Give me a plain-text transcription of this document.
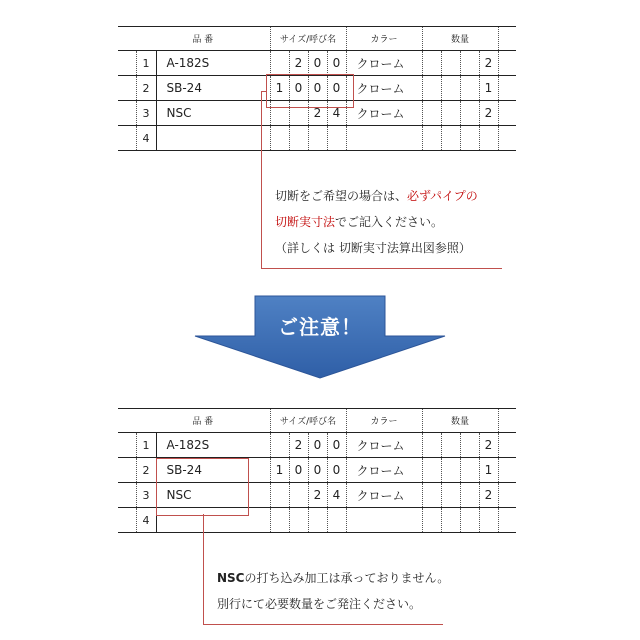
	品 番		サイズ/呼び名				カラー	数量				
	1	A-182S		2	0	0	クローム				2	
	2	SB-24	1	0	0	0	クローム				1	
	3	NSC			2	4	クローム				2	
	4											
切断をご希望の場合は、必ずパイプの
切断実寸法でご記入ください。
（詳しくは 切断実寸法算出図参照）
ご注意！
	品 番		サイズ/呼び名				カラー	数量				
	1	A-182S		2	0	0	クローム				2	
	2	SB-24	1	0	0	0	クローム				1	
	3	NSC			2	4	クローム				2	
	4											
NSCの打ち込み加工は承っておりません。
別行にて必要数量をご発注ください。
